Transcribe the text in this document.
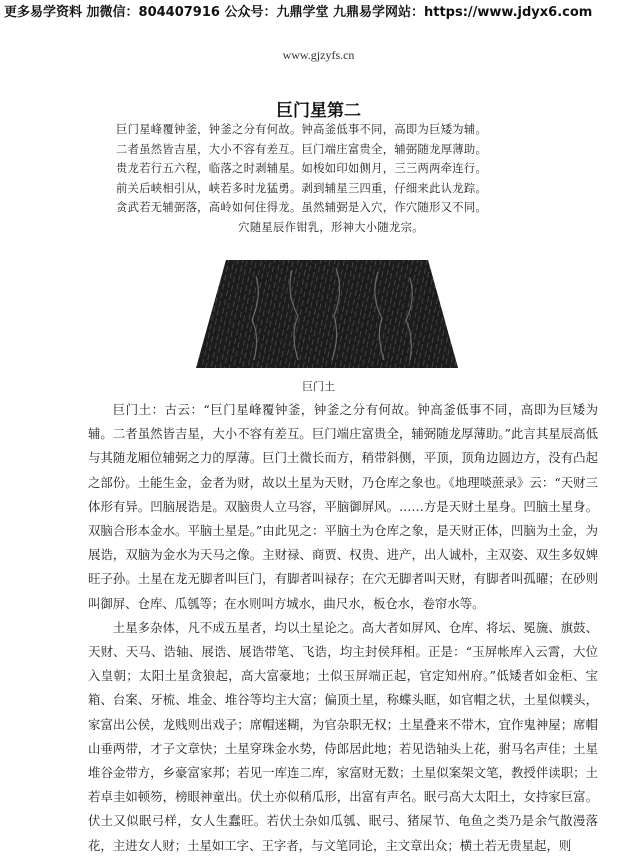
更多易学资料 加微信：804407916 公众号：九鼎学堂 九鼎易学网站：https://www.jdyx6.com
www.gjzyfs.cn
巨门星第二
巨门星峰覆钟釜，钟釜之分有何故。钟高釜低事不同，高即为巨矮为辅。
二者虽然皆吉星，大小不容有差互。巨门端庄富贵全，辅弼随龙厚薄助。
贵龙若行五六程，临落之时剥辅星。如梭如印如侧月，三三两两牵连行。
前关后峡相引从，峡若多时龙猛勇。剥到辅星三四重，仔细来此认龙踪。
贪武若无辅弼落，高岭如何住得龙。虽然辅弼是入穴，作穴随形又不同。
穴随星辰作钳乳，形神大小随龙宗。
巨门土

巨门土：古云：“巨门星峰覆钟釜，钟釜之分有何故。钟高釜低事不同，高即为巨矮为辅。二者虽然皆吉星，大小不容有差互。巨门端庄富贵全，辅弼随龙厚薄助。”此言其星辰高低与其随龙厢位辅弼之力的厚薄。巨门土微长而方，稍带斜侧，平顶，顶角边圆边方，没有凸起之部份。土能生金，金者为财，故以土星为天财，乃仓库之象也。《地理啖蔗录》云：“天财三体形有异。凹脑展诰是。双脑贵人立马容，平脑御屏风。……方是天财土星身。凹脑土星身。双脑合形本金水。平脑土星是。”由此见之：平脑土为仓库之象，是天财正体，凹脑为土金，为展诰，双脑为金水为天马之像。主财禄、商贾、权贵、进产，出人诚朴，主双姿、双生多奴婢旺子孙。土星在龙无脚者叫巨门，有脚者叫禄存；在穴无脚者叫天财，有脚者叫孤曜；在砂则叫御屏、仓库、瓜瓠等；在水则叫方城水，曲尺水，板仓水，卷帘水等。

土星多杂体，凡不成五星者，均以土星论之。高大者如屏风、仓库、将坛、冕旒、旗鼓、天财、天马、诰轴、展诰、展诰带笔、飞诰，均主封侯拜相。正是：“玉屏帐库入云霄，大位入皇朝；太阳土星贪狼起，高大富豪地；土似玉屏端正起，官定知州府。”低矮者如金柜、宝箱、台案、牙梳、堆金、堆谷等均主大富；偏顶土星，称蝶头眶，如官帽之状，土星似幞头，家富出公侯，龙贱则出戏子；席帽迷糊，为官杂职无权；土星叠来不带木，宜作鬼神屋；席帽山垂两带，才子文章快；土星穿珠金水势，侍郎居此地；若见诰轴头上花，驸马名声佳；土星堆谷金带方，乡豪富家邦；若见一库连二库，家富财无数；土星似案架文笔，教授伴读职；土若卓圭如顿笏，榜眼神童出。伏土亦似稍瓜形，出富有声名。眠弓高大太阳土，女持家巨富。伏土又似眠弓样，女人生蠢旺。若伏土杂如瓜瓠、眠弓、猪屎节、龟鱼之类乃是余气散漫落花，主进女人财；土星如工字、王字者，与文笔同论，主文章出众；横土若无贵星起，则
